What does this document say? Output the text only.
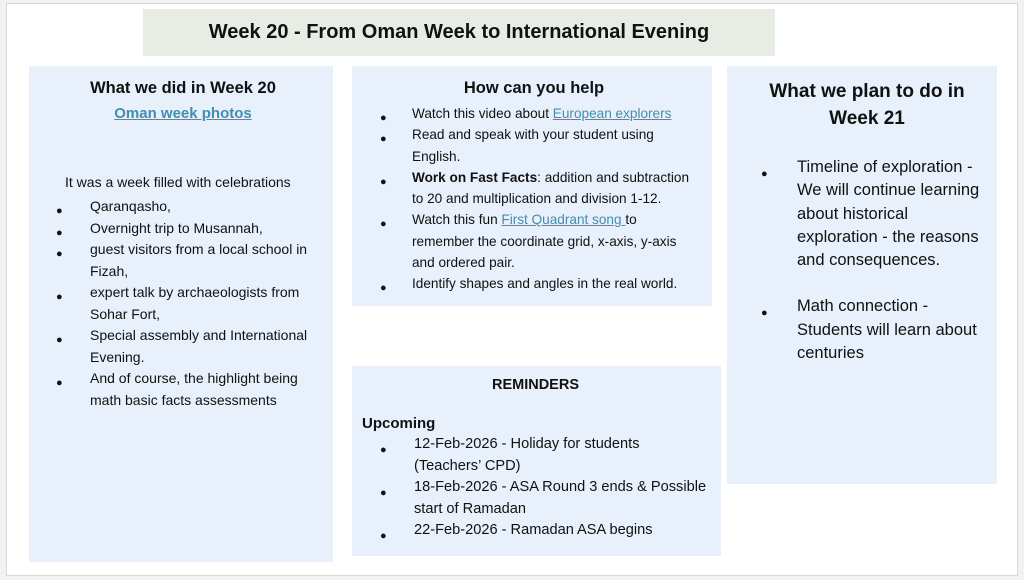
Week 20 - From Oman Week to International Evening

What we did in Week 20

Oman week photos
It was a week filled with celebrations
● Qaranqasho,
● Overnight trip to Musannah,
● guest visitors from a local school in Fizah,
● expert talk by archaeologists from Sohar Fort,
● Special assembly and International Evening.
● And of course, the highlight being math basic facts assessments

How can you help

● Watch this video about European explorers
● Read and speak with your student using English.
● Work on Fast Facts: addition and subtraction to 20 and multiplication and division 1-12.
● Watch this fun First Quadrant song to remember the coordinate grid, x-axis, y-axis and ordered pair.
● Identify shapes and angles in the real world.

REMINDERS

Upcoming
● 12-Feb-2026 - Holiday for students (Teachers’ CPD)
● 18-Feb-2026 - ASA Round 3 ends & Possible start of Ramadan
● 22-Feb-2026 - Ramadan ASA begins

What we plan to do in Week 21

● Timeline of exploration - We will continue learning about historical exploration - the reasons and consequences.
● Math connection - Students will learn about centuries
